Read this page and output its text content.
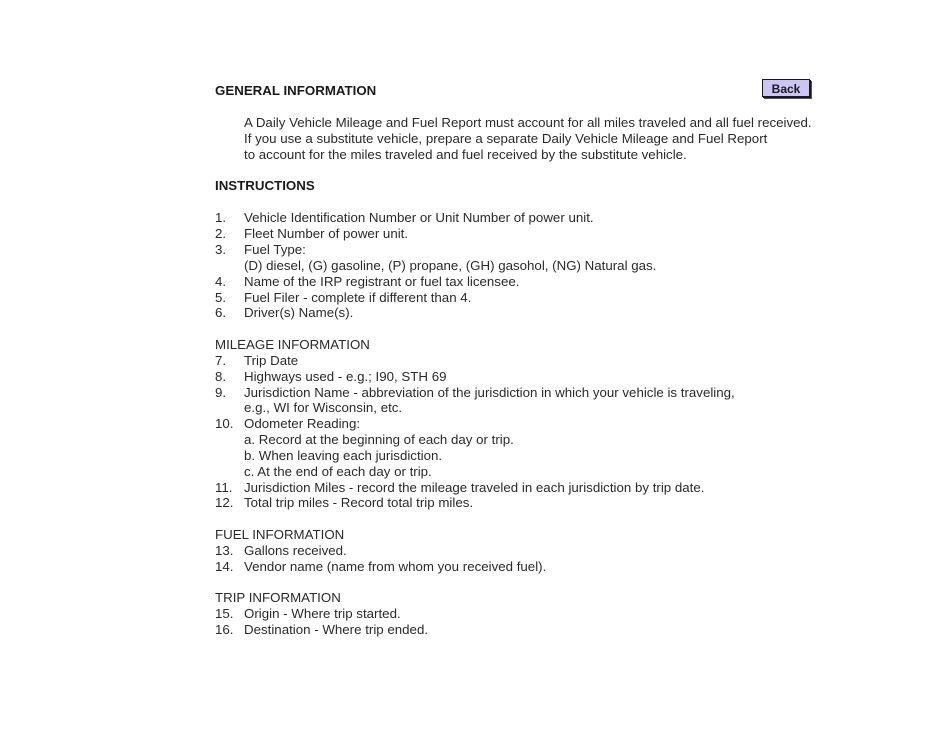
GENERAL INFORMATION	Back
A Daily Vehicle Mileage and Fuel Report must account for all miles traveled and all fuel received.
If you use a substitute vehicle, prepare a separate Daily Vehicle Mileage and Fuel Report
to account for the miles traveled and fuel received by the substitute vehicle.
INSTRUCTIONS
1. Vehicle Identification Number or Unit Number of power unit.
2. Fleet Number of power unit.
3. Fuel Type:
(D) diesel, (G) gasoline, (P) propane, (GH) gasohol, (NG) Natural gas.
4. Name of the IRP registrant or fuel tax licensee.
5. Fuel Filer - complete if different than 4.
6. Driver(s) Name(s).
MILEAGE INFORMATION
7. Trip Date
8. Highways used - e.g.; I90, STH 69
9. Jurisdiction Name - abbreviation of the jurisdiction in which your vehicle is traveling,
e.g., WI for Wisconsin, etc.
10. Odometer Reading:
a. Record at the beginning of each day or trip.
b. When leaving each jurisdiction.
c. At the end of each day or trip.
11. Jurisdiction Miles - record the mileage traveled in each jurisdiction by trip date.
12. Total trip miles - Record total trip miles.
FUEL INFORMATION
13. Gallons received.
14. Vendor name (name from whom you received fuel).
TRIP INFORMATION
15. Origin - Where trip started.
16. Destination - Where trip ended.
